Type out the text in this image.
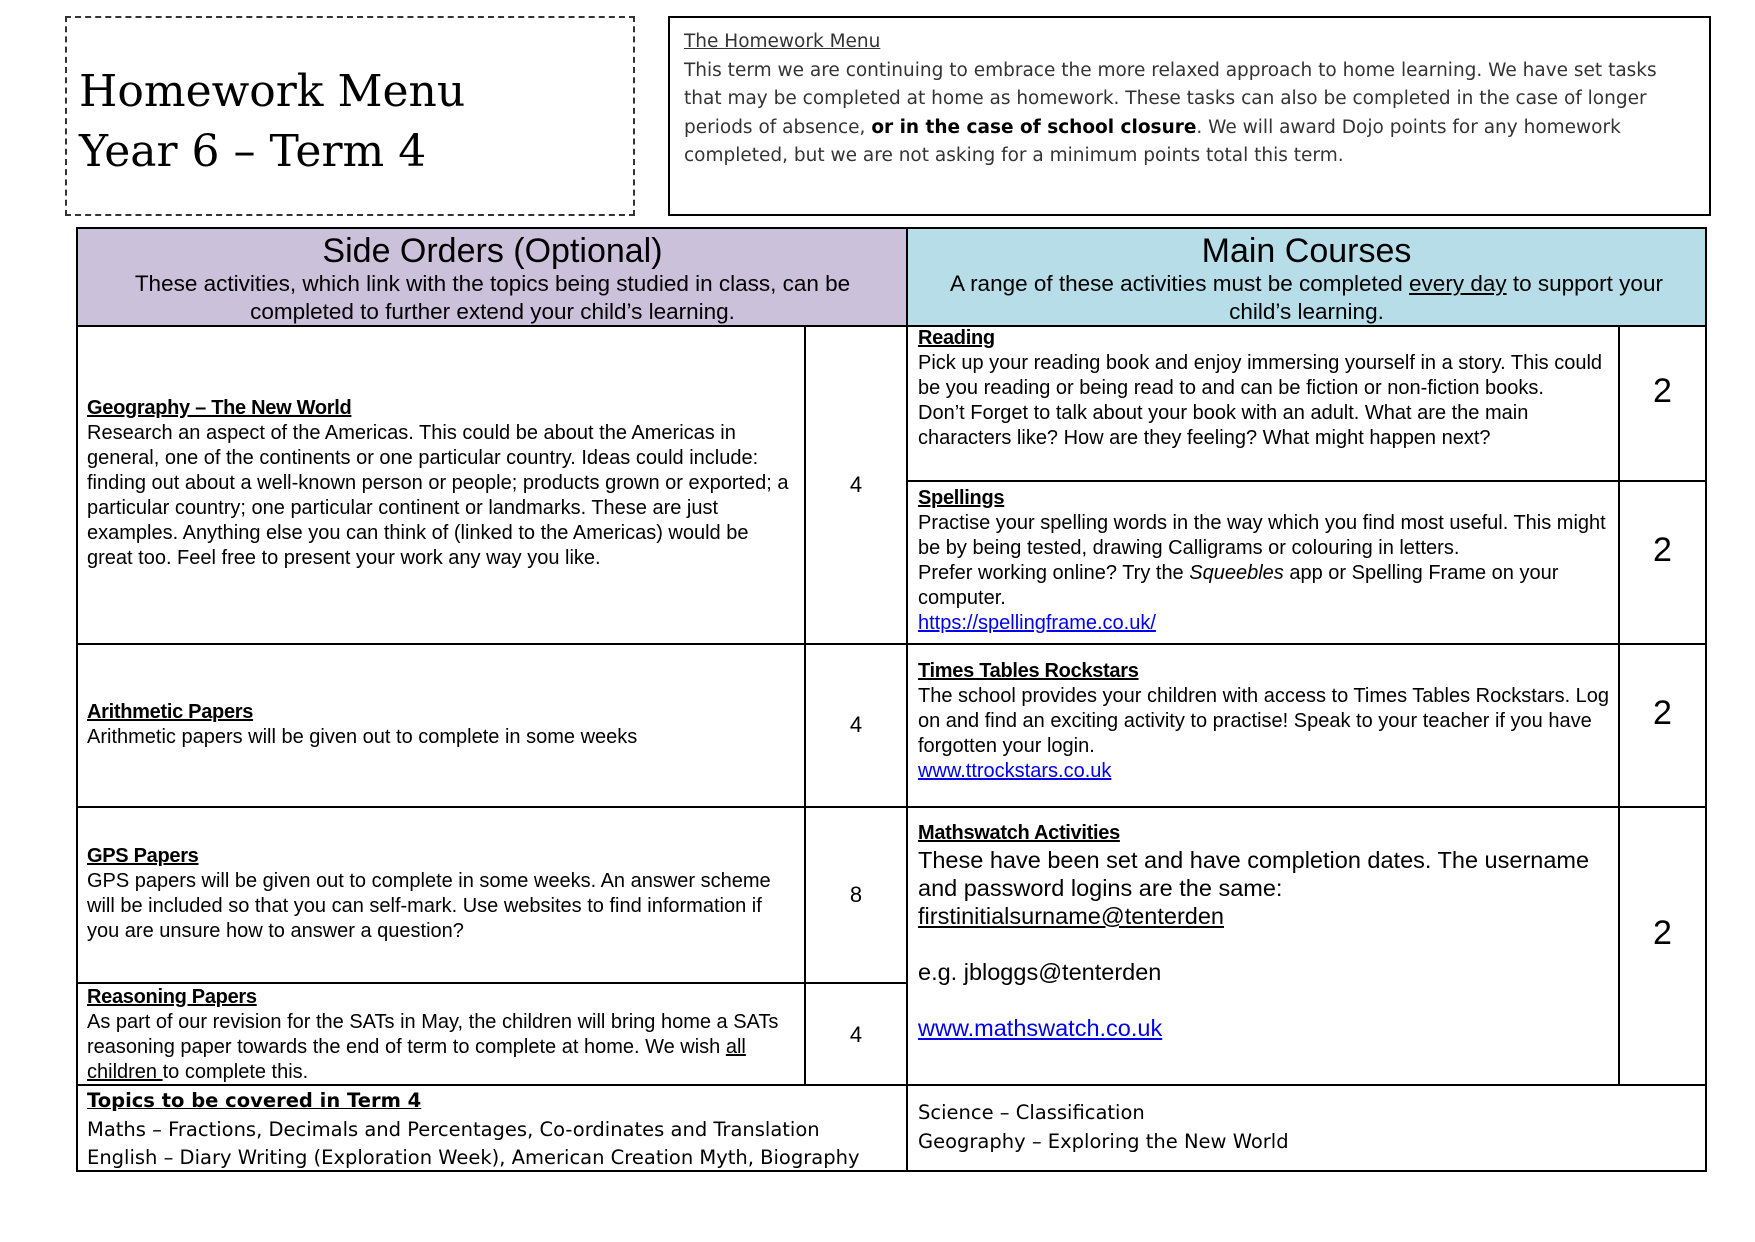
Homework Menu
Year 6 – Term 4
The Homework Menu
This term we are continuing to embrace the more relaxed approach to home learning. We have set tasks that may be completed at home as homework. These tasks can also be completed in the case of longer periods of absence, or in the case of school closure. We will award Dojo points for any homework completed, but we are not asking for a minimum points total this term.
Side Orders (Optional)
These activities, which link with the topics being studied in class, can be completed to further extend your child’s learning.
Main Courses
A range of these activities must be completed every day to support your child’s learning.
Geography – The New World
Research an aspect of the Americas. This could be about the Americas in general, one of the continents or one particular country. Ideas could include: finding out about a well-known person or people; products grown or exported; a particular country; one particular continent or landmarks. These are just examples. Anything else you can think of (linked to the Americas) would be great too. Feel free to present your work any way you like.
4
Arithmetic Papers
Arithmetic papers will be given out to complete in some weeks	4
GPS Papers
GPS papers will be given out to complete in some weeks. An answer scheme will be included so that you can self-mark. Use websites to find information if you are unsure how to answer a question?
8
Reasoning Papers
As part of our revision for the SATs in May, the children will bring home a SATs reasoning paper towards the end of term to complete at home. We wish all children to complete this.
4
Reading
Pick up your reading book and enjoy immersing yourself in a story. This could be you reading or being read to and can be fiction or non-fiction books.
Don’t Forget to talk about your book with an adult. What are the main characters like? How are they feeling? What might happen next?
2
Spellings
Practise your spelling words in the way which you find most useful. This might be by being tested, drawing Calligrams or colouring in letters.
Prefer working online? Try the Squeebles app or Spelling Frame on your computer.
https://spellingframe.co.uk/
2
Times Tables Rockstars
The school provides your children with access to Times Tables Rockstars. Log on and find an exciting activity to practise! Speak to your teacher if you have forgotten your login.
www.ttrockstars.co.uk
2
Mathswatch Activities
These have been set and have completion dates. The username and password logins are the same:
firstinitialsurname@tenterden
e.g. jbloggs@tenterden
www.mathswatch.co.uk
2
Topics to be covered in Term 4
Maths – Fractions, Decimals and Percentages, Co-ordinates and Translation
English – Diary Writing (Exploration Week), American Creation Myth, Biography
Science – Classification
Geography – Exploring the New World
